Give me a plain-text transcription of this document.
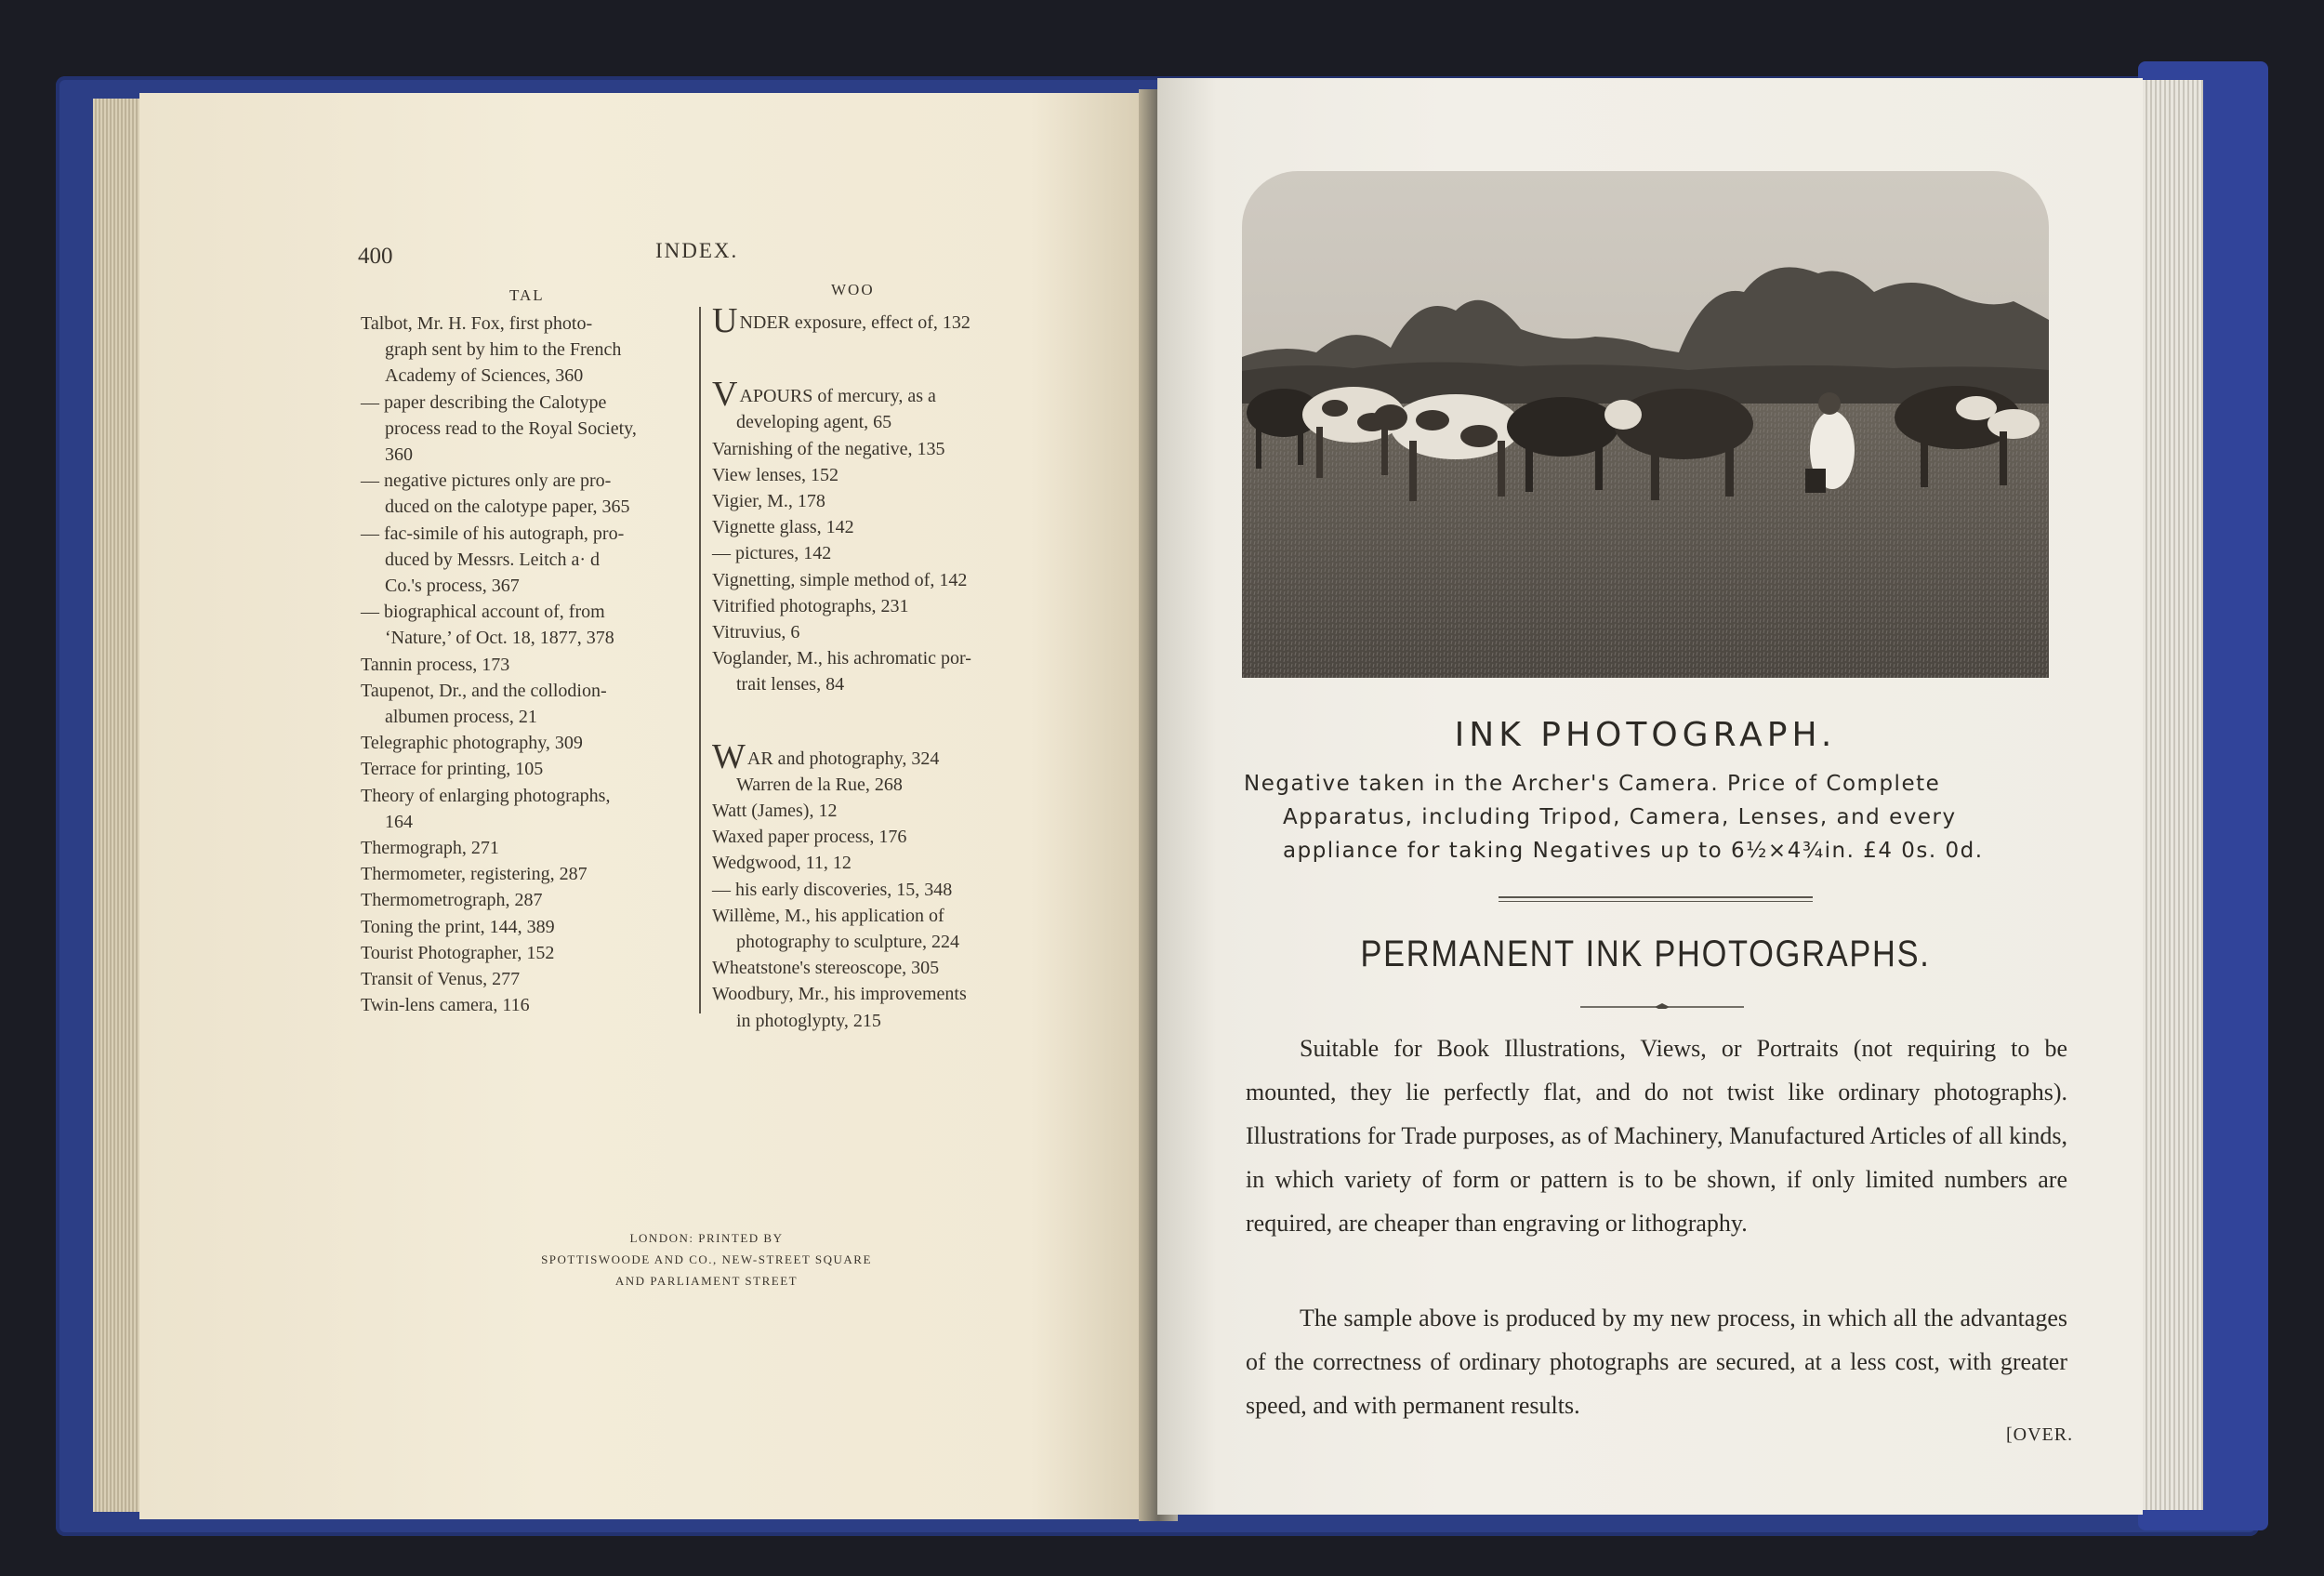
400	INDEX.
TAL	WOO
Talbot, Mr. H. Fox, first photo-
graph sent by him to the French
Academy of Sciences, 360
— paper describing the Calotype
process read to the Royal Society,
360
— negative pictures only are pro-
duced on the calotype paper, 365
— fac-simile of his autograph, pro-
duced by Messrs. Leitch a· d
Co.'s process, 367
— biographical account of, from
‘Nature,’ of Oct. 18, 1877, 378
Tannin process, 173
Taupenot, Dr., and the collodion-
albumen process, 21
Telegraphic photography, 309
Terrace for printing, 105
Theory of enlarging photographs,
164
Thermograph, 271
Thermometer, registering, 287
Thermometrograph, 287
Toning the print, 144, 389
Tourist Photographer, 152
Transit of Venus, 277
Twin-lens camera, 116
UNDER exposure, effect of, 132
VAPOURS of mercury, as a
developing agent, 65
Varnishing of the negative, 135
View lenses, 152
Vigier, M., 178
Vignette glass, 142
— pictures, 142
Vignetting, simple method of, 142
Vitrified photographs, 231
Vitruvius, 6
Voglander, M., his achromatic por-
trait lenses, 84
WAR and photography, 324
Warren de la Rue, 268
Watt (James), 12
Waxed paper process, 176
Wedgwood, 11, 12
— his early discoveries, 15, 348
Willème, M., his application of
photography to sculpture, 224
Wheatstone's stereoscope, 305
Woodbury, Mr., his improvements
in photoglypty, 215
LONDON: PRINTED BY
SPOTTISWOODE AND CO., NEW-STREET SQUARE
AND PARLIAMENT STREET
INK PHOTOGRAPH.
Negative taken in the Archer's Camera. Price of Complete
Apparatus, including Tripod, Camera, Lenses, and every
appliance for taking Negatives up to 6½×4¾in. £4 0s. 0d.
PERMANENT INK PHOTOGRAPHS.
Suitable for Book Illustrations, Views, or Portraits (not requiring to be mounted, they lie perfectly flat, and do not twist like ordinary photographs). Illustrations for Trade purposes, as of Machinery, Manufactured Articles of all kinds, in which variety of form or pattern is to be shown, if only limited numbers are required, are cheaper than engraving or lithography.
The sample above is produced by my new process, in which all the advantages of the correctness of ordinary photographs are secured, at a less cost, with greater speed, and with permanent results.
[OVER.
